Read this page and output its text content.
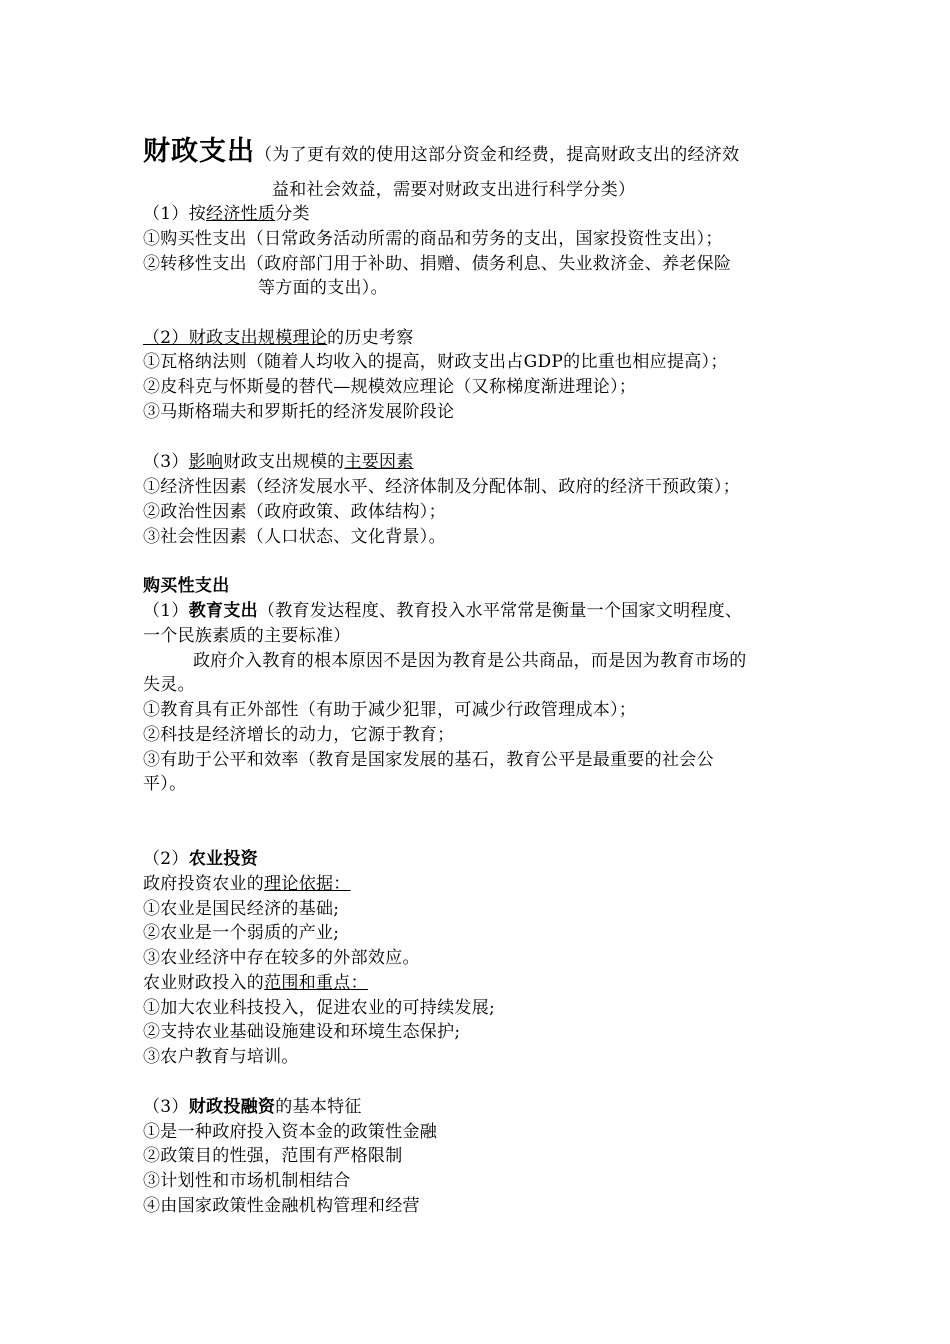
财政支出（为了更有效的使用这部分资金和经费，提高财政支出的经济效
益和社会效益，需要对财政支出进行科学分类）
（1）按经济性质分类
①购买性支出（日常政务活动所需的商品和劳务的支出，国家投资性支出）；
②转移性支出（政府部门用于补助、捐赠、债务利息、失业救济金、养老保险
等方面的支出）。
（2）财政支出规模理论的历史考察
①瓦格纳法则（随着人均收入的提高，财政支出占GDP的比重也相应提高）；
②皮科克与怀斯曼的替代—规模效应理论（又称梯度渐进理论）；
③马斯格瑞夫和罗斯托的经济发展阶段论
（3）影响财政支出规模的主要因素
①经济性因素（经济发展水平、经济体制及分配体制、政府的经济干预政策）；
②政治性因素（政府政策、政体结构）；
③社会性因素（人口状态、文化背景）。
购买性支出
（1）教育支出（教育发达程度、教育投入水平常常是衡量一个国家文明程度、
一个民族素质的主要标准）
政府介入教育的根本原因不是因为教育是公共商品，而是因为教育市场的
失灵。
①教育具有正外部性（有助于减少犯罪，可减少行政管理成本）；
②科技是经济增长的动力，它源于教育；
③有助于公平和效率（教育是国家发展的基石，教育公平是最重要的社会公
平）。
（2）农业投资
政府投资农业的理论依据：
①农业是国民经济的基础;
②农业是一个弱质的产业;
③农业经济中存在较多的外部效应。
农业财政投入的范围和重点：
①加大农业科技投入，促进农业的可持续发展;
②支持农业基础设施建设和环境生态保护;
③农户教育与培训。
（3）财政投融资的基本特征
①是一种政府投入资本金的政策性金融
②政策目的性强，范围有严格限制
③计划性和市场机制相结合
④由国家政策性金融机构管理和经营
